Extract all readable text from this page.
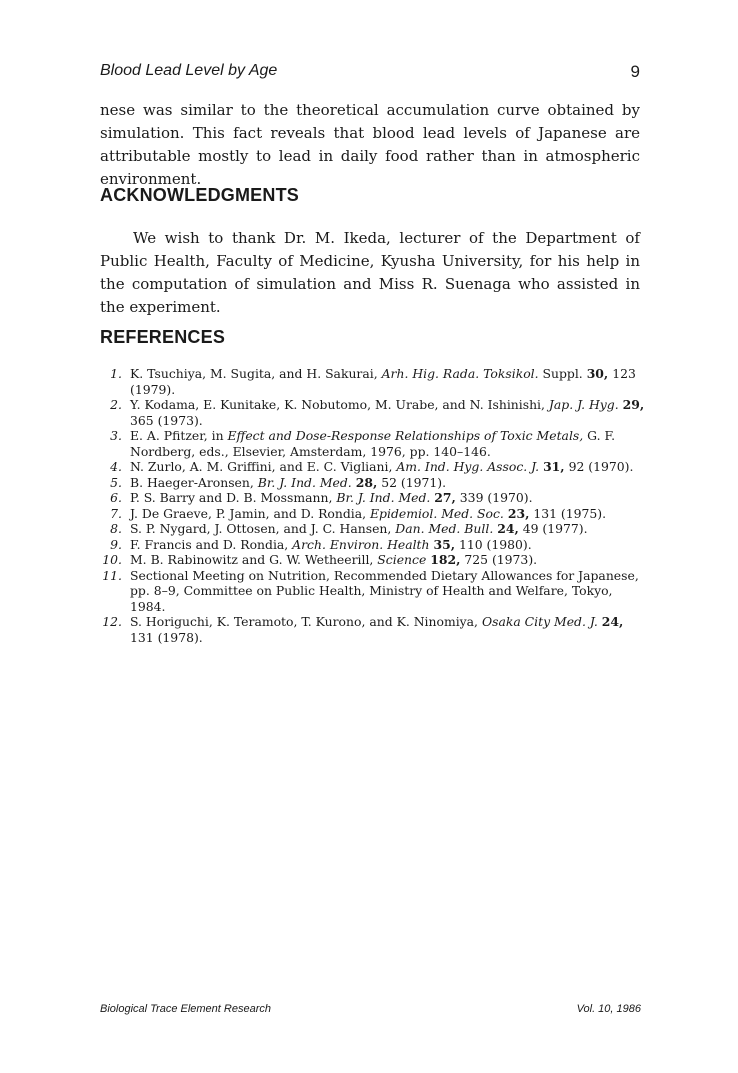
Blood Lead Level by Age	9

nese was similar to the theoretical accumulation curve obtained by simulation. This fact reveals that blood lead levels of Japanese are attributable mostly to lead in daily food rather than in atmospheric environment.

ACKNOWLEDGMENTS

We wish to thank Dr. M. Ikeda, lecturer of the Department of Public Health, Faculty of Medicine, Kyusha University, for his help in the computation of simulation and Miss R. Suenaga who assisted in the experiment.

REFERENCES
1. K. Tsuchiya, M. Sugita, and H. Sakurai, Arh. Hig. Rada. Toksikol. Suppl. 30, 123 (1979).
2. Y. Kodama, E. Kunitake, K. Nobutomo, M. Urabe, and N. Ishinishi, Jap. J. Hyg. 29, 365 (1973).
3. E. A. Pfitzer, in Effect and Dose-Response Relationships of Toxic Metals, G. F. Nordberg, eds., Elsevier, Amsterdam, 1976, pp. 140–146.
4. N. Zurlo, A. M. Griffini, and E. C. Vigliani, Am. Ind. Hyg. Assoc. J. 31, 92 (1970).
5. B. Haeger-Aronsen, Br. J. Ind. Med. 28, 52 (1971).
6. P. S. Barry and D. B. Mossmann, Br. J. Ind. Med. 27, 339 (1970).
7. J. De Graeve, P. Jamin, and D. Rondia, Epidemiol. Med. Soc. 23, 131 (1975).
8. S. P. Nygard, J. Ottosen, and J. C. Hansen, Dan. Med. Bull. 24, 49 (1977).
9. F. Francis and D. Rondia, Arch. Environ. Health 35, 110 (1980).
10. M. B. Rabinowitz and G. W. Wetheerill, Science 182, 725 (1973).
11. Sectional Meeting on Nutrition, Recommended Dietary Allowances for Japanese, pp. 8–9, Committee on Public Health, Ministry of Health and Welfare, Tokyo, 1984.
12. S. Horiguchi, K. Teramoto, T. Kurono, and K. Ninomiya, Osaka City Med. J. 24, 131 (1978).
Biological Trace Element Research	Vol. 10, 1986
